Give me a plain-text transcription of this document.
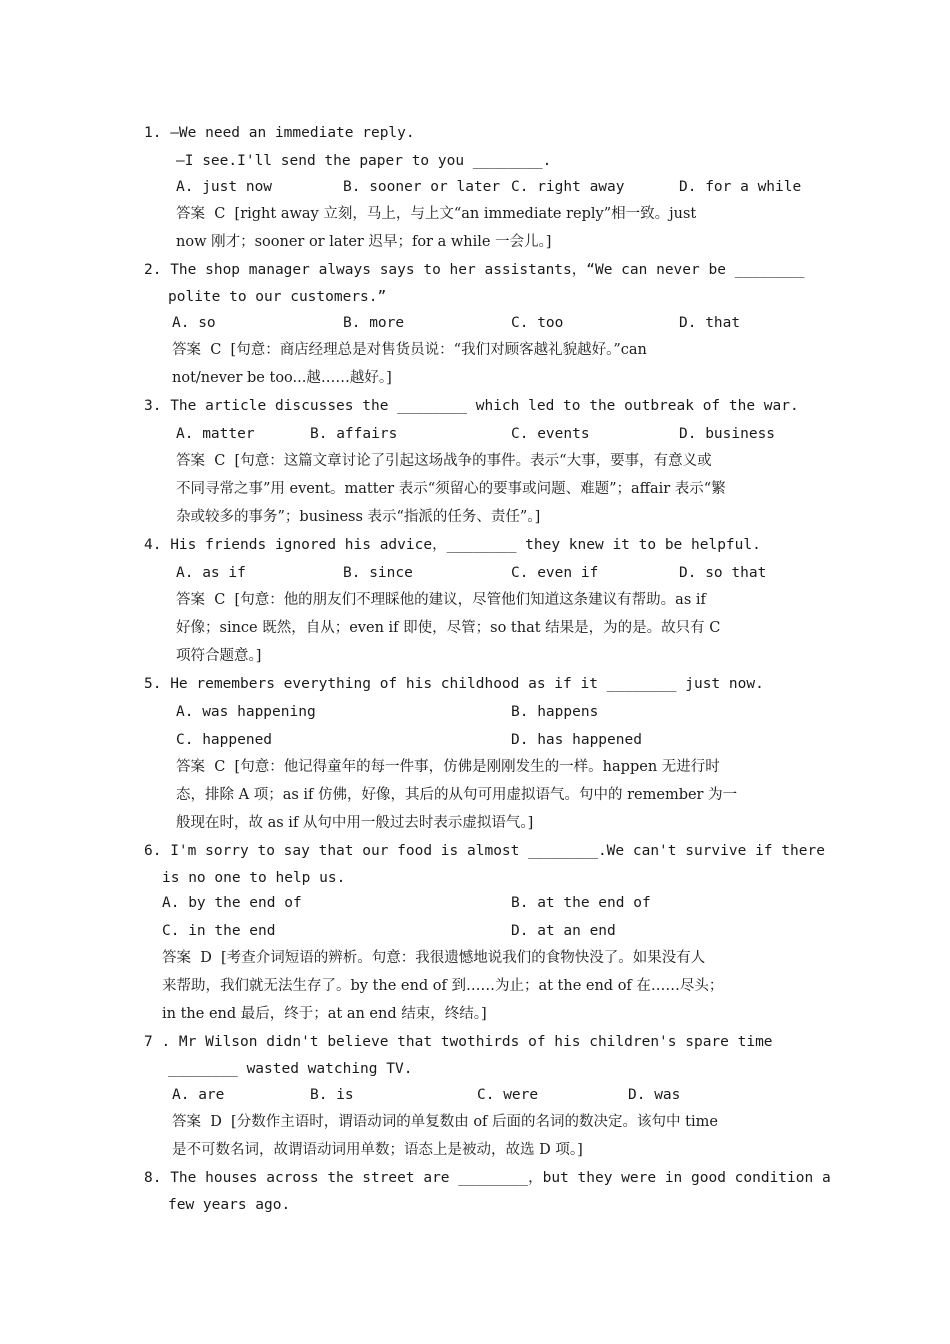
1. —We need an immediate reply.
—I see.I'll send the paper to you ________.
A. just now	B. sooner or later C. right away	D. for a while
答案  C  [right away 立刻，马上，与上文“an immediate reply”相一致。just
now 刚才；sooner or later 迟早；for a while 一会儿。]
2. The shop manager always says to her assistants，“We can never be ________
polite to our customers.”
A. so	B. more	C. too	D. that
答案  C  [句意：商店经理总是对售货员说：“我们对顾客越礼貌越好。”can
not/never be too...越……越好。]
3. The article discusses the ________ which led to the outbreak of the war.
A. matter	B. affairs	C. events	D. business
答案  C  [句意：这篇文章讨论了引起这场战争的事件。表示“大事，要事，有意义或
不同寻常之事”用 event。matter 表示“须留心的要事或问题、难题”；affair 表示“繁
杂或较多的事务”；business 表示“指派的任务、责任”。]
4. His friends ignored his advice，________ they knew it to be helpful.
A. as if	B. since	C. even if	D. so that
答案  C  [句意：他的朋友们不理睬他的建议，尽管他们知道这条建议有帮助。as if
好像；since 既然，自从；even if 即使，尽管；so that 结果是，为的是。故只有 C
项符合题意。]
5. He remembers everything of his childhood as if it ________ just now.
A. was happening	B. happens
C. happened	D. has happened
答案  C  [句意：他记得童年的每一件事，仿佛是刚刚发生的一样。happen 无进行时
态，排除 A 项；as if 仿佛，好像，其后的从句可用虚拟语气。句中的 remember 为一
般现在时，故 as if 从句中用一般过去时表示虚拟语气。]
6. I'm sorry to say that our food is almost ________.We can't survive if there
is no one to help us.
A. by the end of	B. at the end of
C. in the end	D. at an end
答案  D  [考查介词短语的辨析。句意：我很遗憾地说我们的食物快没了。如果没有人
来帮助，我们就无法生存了。by the end of 到……为止；at the end of 在……尽头；
in the end 最后，终于；at an end 结束，终结。]
7 . Mr Wilson didn't believe that twothirds of his children's spare time
________ wasted watching TV.
A. are	B. is	C. were	D. was
答案  D  [分数作主语时，谓语动词的单复数由 of 后面的名词的数决定。该句中 time
是不可数名词，故谓语动词用单数；语态上是被动，故选 D 项。]
8. The houses across the street are ________，but they were in good condition a
few years ago.
